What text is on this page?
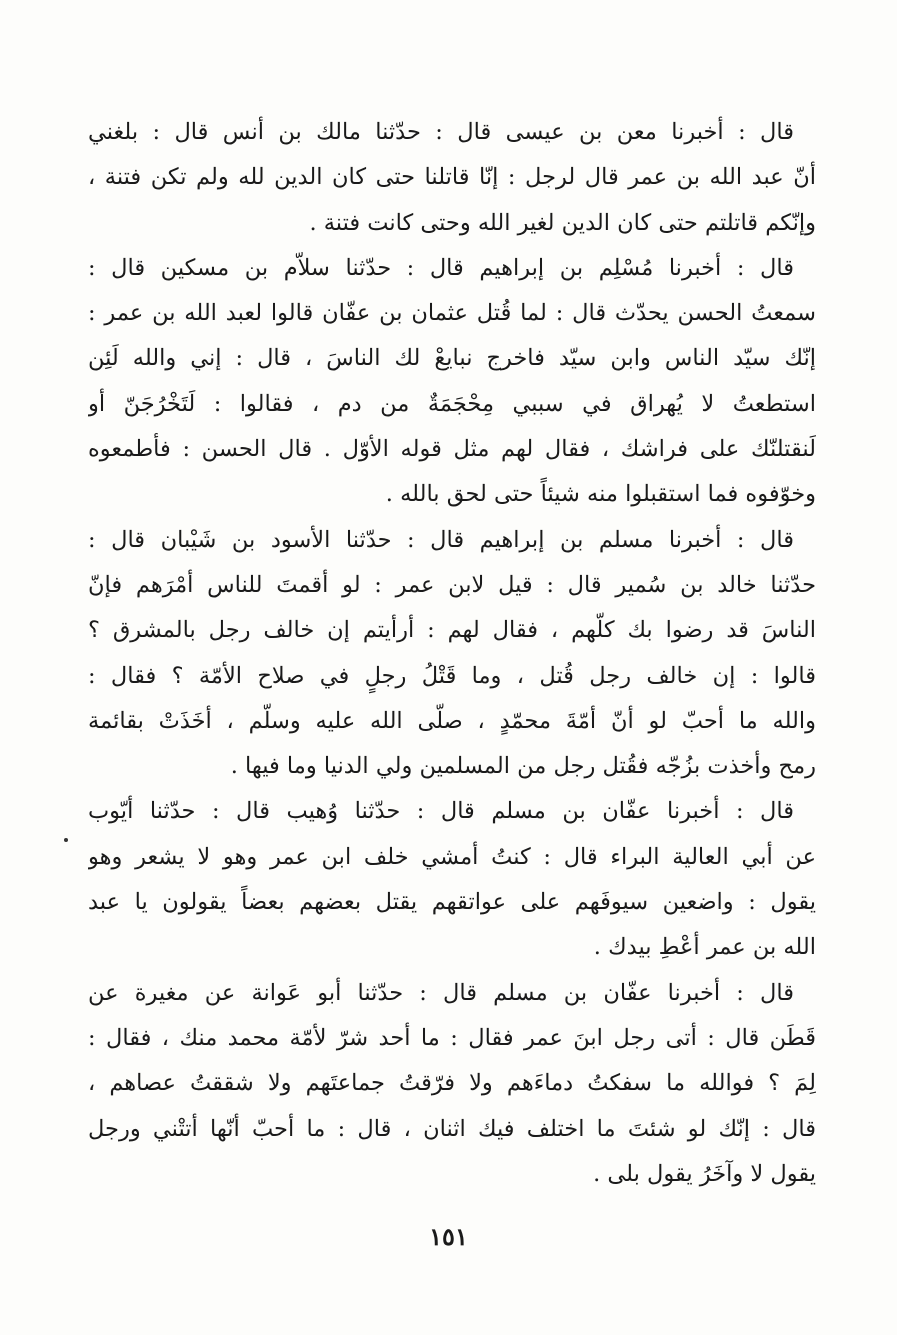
قال : أخبرنا معن بن عيسى قال : حدّثنا مالك بن أنس قال : بلغني
أنّ عبد الله بن عمر قال لرجل : إنّا قاتلنا حتى كان الدين لله ولم تكن فتنة ،
وإنّكم قاتلتم حتى كان الدين لغير الله وحتى كانت فتنة .

قال : أخبرنا مُسْلِم بن إبراهيم قال : حدّثنا سلاّم بن مسكين قال :
سمعتُ الحسن يحدّث قال : لما قُتل عثمان بن عفّان قالوا لعبد الله بن عمر :
إنّك سيّد الناس وابن سيّد فاخرج نبايعْ لك الناسَ ، قال : إني والله لَئِن
استطعتُ لا يُهراق في سببي مِحْجَمَةٌ من دم ، فقالوا : لَتَخْرُجَنّ أو
لَنقتلنّك على فراشك ، فقال لهم مثل قوله الأوّل . قال الحسن : فأطمعوه
وخوّفوه فما استقبلوا منه شيئاً حتى لحق بالله .

قال : أخبرنا مسلم بن إبراهيم قال : حدّثنا الأسود بن شَيْبان قال :
حدّثنا خالد بن سُمير قال : قيل لابن عمر : لو أقمتَ للناس أمْرَهم فإنّ
الناسَ قد رضوا بك كلّهم ، فقال لهم : أرأيتم إن خالف رجل بالمشرق ؟
قالوا : إن خالف رجل قُتل ، وما قَتْلُ رجلٍ في صلاح الأمّة ؟ فقال :
والله ما أحبّ لو أنّ أمّةَ محمّدٍ ، صلّى الله عليه وسلّم ، أخَذَتْ بقائمة
رمح وأخذت بزُجّه فقُتل رجل من المسلمين ولي الدنيا وما فيها .

قال : أخبرنا عفّان بن مسلم قال : حدّثنا وُهيب قال : حدّثنا أيّوب
عن أبي العالية البراء قال : كنتُ أمشي خلف ابن عمر وهو لا يشعر وهو
يقول : واضعين سيوفَهم على عواتقهم يقتل بعضهم بعضاً يقولون يا عبد
الله بن عمر أعْطِ بيدك .

قال : أخبرنا عفّان بن مسلم قال : حدّثنا أبو عَوانة عن مغيرة عن
قَطَن قال : أتى رجل ابنَ عمر فقال : ما أحد شرّ لأمّة محمد منك ، فقال :
لِمَ ؟ فوالله ما سفكتُ دماءَهم ولا فرّقتُ جماعتَهم ولا شققتُ عصاهم ،
قال : إنّك لو شئتَ ما اختلف فيك اثنان ، قال : ما أحبّ أنّها أتتْني ورجل
يقول لا وآخَرُ يقول بلى .

١٥١
